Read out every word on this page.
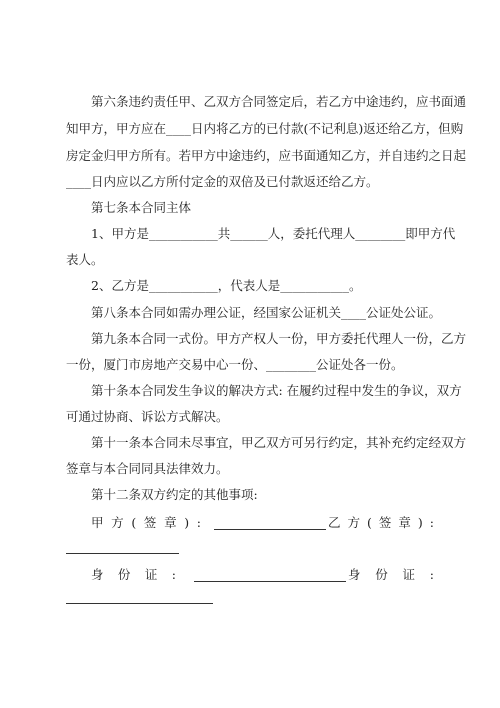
第六条违约责任甲、乙双方合同签定后，若乙方中途违约，应书面通
知甲方，甲方应在____日内将乙方的已付款(不记利息)返还给乙方，但购
房定金归甲方所有。若甲方中途违约，应书面通知乙方，并自违约之日起
____日内应以乙方所付定金的双倍及已付款返还给乙方。
第七条本合同主体
1、甲方是___________共______人，委托代理人________即甲方代
表人。
2、乙方是___________，代表人是___________。
第八条本合同如需办理公证，经国家公证机关____公证处公证。
第九条本合同一式份。甲方产权人一份，甲方委托代理人一份，乙方
一份，厦门市房地产交易中心一份、________公证处各一份。
第十条本合同发生争议的解决方式: 在履约过程中发生的争议，双方
可通过协商、诉讼方式解决。
第十一条本合同未尽事宜，甲乙双方可另行约定，其补充约定经双方
签章与本合同同具法律效力。
第十二条双方约定的其他事项:
甲 方 ( 签 章 ) :	乙 方 ( 签 章 ) :
身 份 证 :	身 份 证 :
